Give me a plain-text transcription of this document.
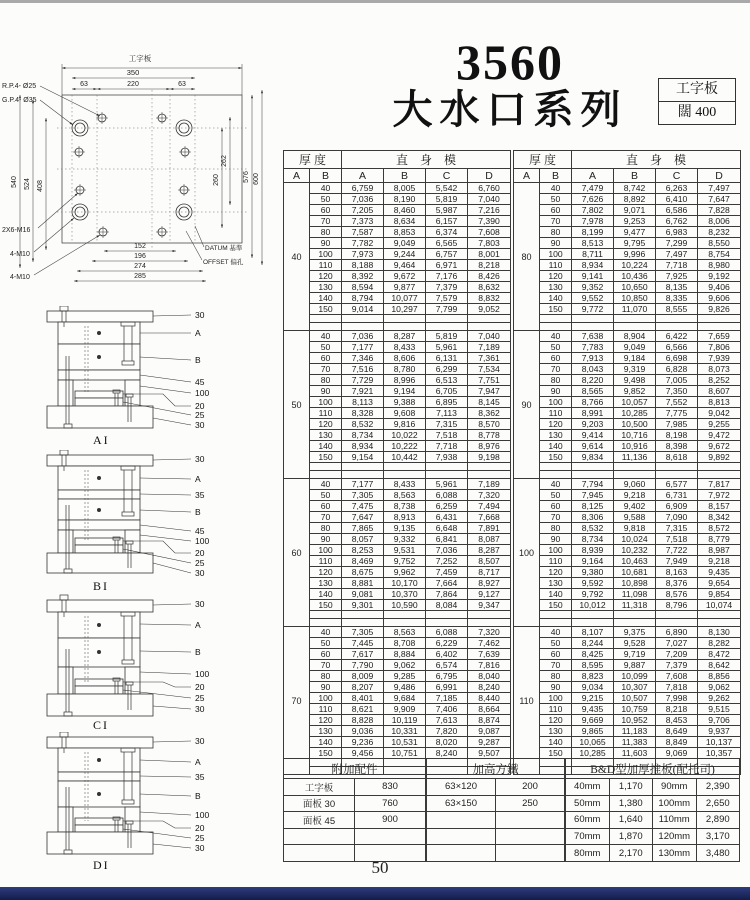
工字板
350
63	220	63
540 524 408
262
260	576 600
152
196
274
285
R.P.4- Ø25
G.P.4- Ø35
2X6-M16
4-M10
4-M10
DATUM 基準
OFFSET 偏孔
3560
大水口系列	工字板
闊 400
30
A
B
45
100
20
25
30
AI
30
A
35
B
45
100
20
25
30
BI
30
A
B
100
20
25
30
CI
30
A
35
B
100
20
25
30
DI
厚 度		直　身　模			
A	B	A	B	C	D
40	40	6,759	8,005	5,542	6,760
	50	7,036	8,190	5,819	7,040
	60	7,205	8,460	5,987	7,216
	70	7,373	8,634	6,157	7,390
	80	7,587	8,853	6,374	7,608
	90	7,782	9,049	6,565	7,803
	100	7,973	9,244	6,757	8,001
	110	8,188	9,464	6,971	8,218
	120	8,392	9,672	7,176	8,426
	130	8,594	9,877	7,379	8,632
	140	8,794	10,077	7,579	8,832
	150	9,014	10,297	7,799	9,052

50	40	7,036	8,287	5,819	7,040
	50	7,177	8,433	5,961	7,189
	60	7,346	8,606	6,131	7,361
	70	7,516	8,780	6,299	7,534
	80	7,729	8,996	6,513	7,751
	90	7,921	9,194	6,705	7,947
	100	8,113	9,388	6,895	8,145
	110	8,328	9,608	7,113	8,362
	120	8,532	9,816	7,315	8,570
	130	8,734	10,022	7,518	8,778
	140	8,934	10,222	7,718	8,976
	150	9,154	10,442	7,938	9,198

60	40	7,177	8,433	5,961	7,189
	50	7,305	8,563	6,088	7,320
	60	7,475	8,738	6,259	7,494
	70	7,647	8,913	6,431	7,668
	80	7,865	9,135	6,648	7,891
	90	8,057	9,332	6,841	8,087
	100	8,253	9,531	7,036	8,287
	110	8,469	9,752	7,252	8,507
	120	8,675	9,962	7,459	8,717
	130	8,881	10,170	7,664	8,927
	140	9,081	10,370	7,864	9,127
	150	9,301	10,590	8,084	9,347

70	40	7,305	8,563	6,088	7,320
	50	7,445	8,708	6,229	7,462
	60	7,617	8,884	6,402	7,639
	70	7,790	9,062	6,574	7,816
	80	8,009	9,285	6,795	8,040
	90	8,207	9,486	6,991	8,240
	100	8,401	9,684	7,185	8,440
	110	8,621	9,909	7,406	8,664
	120	8,828	10,119	7,613	8,874
	130	9,036	10,331	7,820	9,087
	140	9,236	10,531	8,020	9,287
	150	9,456	10,751	8,240	9,507

厚 度		直　身　模			
A	B	A	B	C	D
80	40	7,479	8,742	6,263	7,497
	50	7,626	8,892	6,410	7,647
	60	7,802	9,071	6,586	7,828
	70	7,978	9,253	6,762	8,006
	80	8,199	9,477	6,983	8,232
	90	8,513	9,795	7,299	8,550
	100	8,711	9,996	7,497	8,754
	110	8,934	10,224	7,718	8,980
	120	9,141	10,436	7,925	9,192
	130	9,352	10,650	8,135	9,406
	140	9,552	10,850	8,335	9,606
	150	9,772	11,070	8,555	9,826

90	40	7,638	8,904	6,422	7,659
	50	7,783	9,049	6,566	7,806
	60	7,913	9,184	6,698	7,939
	70	8,043	9,319	6,828	8,073
	80	8,220	9,498	7,005	8,252
	90	8,565	9,852	7,350	8,607
	100	8,766	10,057	7,552	8,813
	110	8,991	10,285	7,775	9,042
	120	9,203	10,500	7,985	9,255
	130	9,414	10,716	8,198	9,472
	140	9,614	10,916	8,398	9,672
	150	9,834	11,136	8,618	9,892

100	40	7,794	9,060	6,577	7,817
	50	7,945	9,218	6,731	7,972
	60	8,125	9,402	6,909	8,157
	70	8,306	9,588	7,090	8,342
	80	8,532	9,818	7,315	8,572
	90	8,734	10,024	7,518	8,779
	100	8,939	10,232	7,722	8,987
	110	9,164	10,463	7,949	9,218
	120	9,380	10,681	8,163	9,435
	130	9,592	10,898	8,376	9,654
	140	9,792	11,098	8,576	9,854
	150	10,012	11,318	8,796	10,074

110	40	8,107	9,375	6,890	8,130
	50	8,244	9,528	7,027	8,282
	60	8,425	9,719	7,209	8,472
	70	8,595	9,887	7,379	8,642
	80	8,823	10,099	7,608	8,856
	90	9,034	10,307	7,818	9,062
	100	9,215	10,507	7,998	9,262
	110	9,435	10,759	8,218	9,515
	120	9,669	10,952	8,453	9,706
	130	9,865	11,183	8,649	9,937
	140	10,065	11,383	8,849	10,137
	150	10,285	11,603	9,069	10,357

附加配件	
工字板	830
面板 30	760
面板 45	900

加高方鐵	
63×120	200
63×150	250

B&D型加厚推板(配托司)			
40mm	1,170	90mm	2,390
50mm	1,380	100mm	2,650
60mm	1,640	110mm	2,890
70mm	1,870	120mm	3,170
80mm	2,170	130mm	3,480
50
